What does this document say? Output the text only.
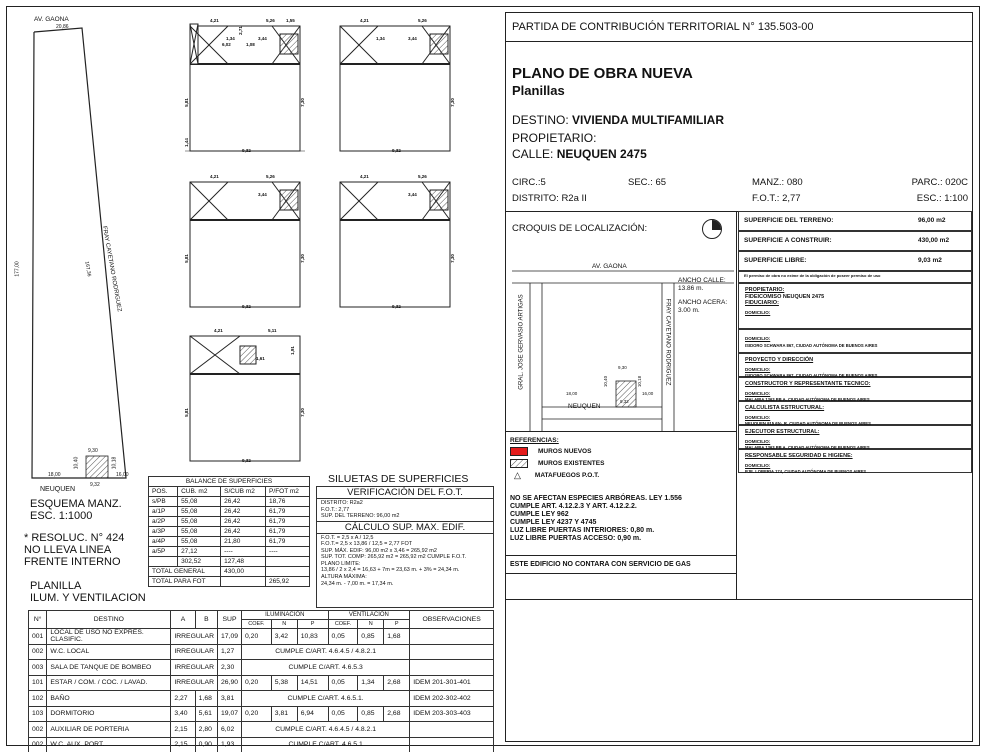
AV. GAONA
20,86
177,00	FRAY CAYETANO RODRIGUEZ
167,36
9,30
18,00	16,00
9,32
10,40	10,18
NEUQUEN
ESQUEMA MANZ.
ESC. 1:1000
* RESOLUC. N° 424
NO LLEVA LINEA
FRENTE INTERNO
PLANILLA
ILUM. Y VENTILACION
4,21	5,26 1,55
1,34	3,44
6,02	1,08
9,32
5,81	7,30
1,44
2,71
4,21	5,26
1,34	3,44
9,32
7,30
4,21	5,26
3,44
9,32
5,81	7,30
4,21	5,26
3,44
9,32
7,30
4,21	5,11
1,61
9,32
5,81	7,30
1,91
BALANCE DE SUPERFICIES			
POS.	CUB. m2	S/CUB m2	P/FOT m2
s/PB	55,08	26,42	18,76
a/1P	55,08	26,42	61,79
a/2P	55,08	26,42	61,79
a/3P	55,08	26,42	61,79
a/4P	55,08	21,80	61,79
a/5P	27,12	----	----
	302,52	127,48	
TOTAL GENERAL		430,00	
TOTAL PARA FOT			265,92
SILUETAS DE SUPERFICIES
VERIFICACIÓN DEL F.O.T.
DISTRITO: R2a2
F.O.T.: 2,77
SUP. DEL TERRENO: 96,00 m2
CÁLCULO SUP. MAX. EDIF.
F.O.T. = 2,5 x A / 12,5
F.O.T.= 2,5 x 13,86 / 12,5 = 2,77 FOT
SUP. MÁX. EDIF: 96,00 m2 x 3,46 = 265,92 m2
SUP. TOT. COMP: 265,92 m2 = 265,92 m2 CUMPLE F.O.T.
PLANO LIMITE:
13,86 / 2 x 2,4 = 16,63 + 7m = 23,63 m. + 3% = 24,34 m.
ALTURA MÁXIMA:
24,34 m. - 7,00 m. = 17,34 m.
N°	DESTINO	A	B	SUP	ILUMINACIÓN			VENTILACIÓN			OBSERVACIONES
					COEF.	N	P	COEF.	N	P	
001	LOCAL DE USO NO EXPRES. CLASIFIC.	IRREGULAR		17,09	0,20	3,42	10,83	0,05	0,85	1,68	
002	W.C. LOCAL	IRREGULAR		1,27	CUMPLE C/ART. 4.6.4.5 / 4.8.2.1						
003	SALA DE TANQUE DE BOMBEO	IRREGULAR		2,30	CUMPLE C/ART. 4.6.5.3						
101	ESTAR / COM. / COC. / LAVAD.	IRREGULAR		26,90	0,20	5,38	14,51	0,05	1,34	2,68	IDEM 201-301-401
102	BAÑO	2,27	1,68	3,81	CUMPLE C/ART. 4.6.5.1.						IDEM 202-302-402
103	DORMITORIO	3,40	5,61	19,07	0,20	3,81	6,94	0,05	0,85	2,68	IDEM 203-303-403
002	AUXILIAR DE PORTERIA	2,15	2,80	6,02	CUMPLE C/ART. 4.6.4.5 / 4.8.2.1						
002	W.C. AUX. PORT.	2,15	0,90	1,93	CUMPLE C/ART. 4.6.5.1						
PARTIDA DE CONTRIBUCIÓN TERRITORIAL N° 135.503-00
PLANO DE OBRA NUEVA
Planillas
DESTINO: VIVIENDA MULTIFAMILIAR
PROPIETARIO:
CALLE: NEUQUEN 2475
CIRC.:5	SEC.: 65	MANZ.: 080	PARC.: 020C
DISTRITO: R2a II	F.O.T.: 2,77	ESC.: 1:100
CROQUIS DE LOCALIZACIÓN:
AV. GAONA
GRAL. JOSE GERVASIO ARTIGAS	FRAY CAYETANO RODRIGUEZ
NEUQUEN
9,30
18,00	16,00
9,32
10,40	10,18
ANCHO CALLE:
13.86 m.
ANCHO ACERA:
3.00 m.
SUPERFICIE DEL TERRENO:	96,00 m2
SUPERFICIE A CONSTRUIR:	430,00 m2
SUPERFICIE LIBRE:	9,03 m2
El permiso de obra no exime de la obligación de poseer permiso de uso
PROPIETARIO:
FIDEICOMISO NEUQUEN 2475
FIDUCIARIO:
DOMICILIO:
DOMICILIO:
ISIDORO SCHWARA 867, CIUDAD AUTÓNOMA DE BUENOS AIRES
PROYECTO Y DIRECCIÓN
DOMICILIO:
ISIDORO SCHWARA 867, CIUDAD AUTÓNOMA DE BUENOS AIRES
CONSTRUCTOR Y REPRESENTANTE TECNICO:
DOMICILIO:
MALABIA 1363 PB A, CIUDAD AUTÓNOMA DE BUENOS AIRES
CALCULISTA ESTRUCTURAL:
DOMICILIO:
NEUQUEN 915 6to. R, CIUDAD AUTÓNOMA DE BUENOS AIRES
EJECUTOR ESTRUCTURAL:
DOMICILIO:
MALABIA 1363 PB A, CIUDAD AUTÓNOMA DE BUENOS AIRES
RESPONSABLE SEGURIDAD E HIGIENE:
DOMICILIO:
PJE. LOBERIA 174, CIUDAD AUTÓNOMA DE BUENOS AIRES
REFERENCIAS:
MUROS NUEVOS
MUROS EXISTENTES
△ MATAFUEGOS P.O.T.
NO SE AFECTAN ESPECIES ARBÓREAS. LEY 1.556
CUMPLE ART. 4.12.2.3 Y ART. 4.12.2.2.
CUMPLE LEY 962
CUMPLE LEY 4237 Y 4745
LUZ LIBRE PUERTAS INTERIORES: 0,80 m.
LUZ LIBRE PUERTAS ACCESO: 0,90 m.
ESTE EDIFICIO NO CONTARA CON SERVICIO DE GAS
